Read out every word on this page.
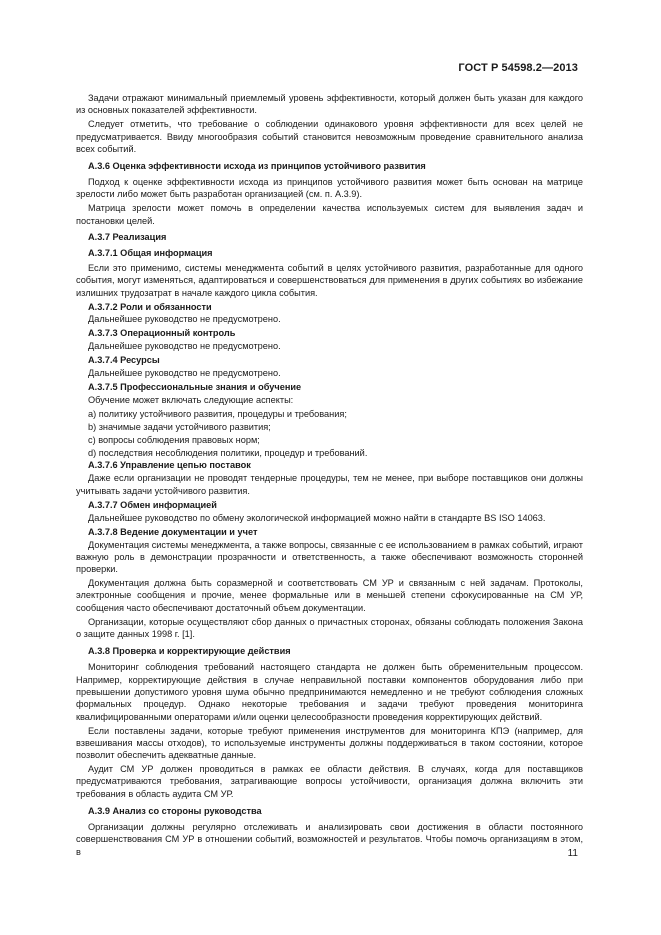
ГОСТ Р 54598.2—2013

Задачи отражают минимальный приемлемый уровень эффективности, который должен быть указан для каждого из основных показателей эффективности.

Следует отметить, что требование о соблюдении одинакового уровня эффективности для всех целей не предусматривается. Ввиду многообразия событий становится невозможным проведение сравнительного анализа всех событий.

А.3.6 Оценка эффективности исхода из принципов устойчивого развития

Подход к оценке эффективности исхода из принципов устойчивого развития может быть основан на матрице зрелости либо может быть разработан организацией (см. п. А.3.9).

Матрица зрелости может помочь в определении качества используемых систем для выявления задач и постановки целей.

А.3.7 Реализация
А.3.7.1 Общая информация

Если это применимо, системы менеджмента событий в целях устойчивого развития, разработанные для одного события, могут изменяться, адаптироваться и совершенствоваться для применения в других событиях во избежание излишних трудозатрат в начале каждого цикла события.

А.3.7.2 Роли и обязанности

Дальнейшее руководство не предусмотрено.

А.3.7.3 Операционный контроль

Дальнейшее руководство не предусмотрено.

А.3.7.4 Ресурсы

Дальнейшее руководство не предусмотрено.

А.3.7.5 Профессиональные знания и обучение

Обучение может включать следующие аспекты:

а) политику устойчивого развития, процедуры и требования;

b) значимые задачи устойчивого развития;

с) вопросы соблюдения правовых норм;

d) последствия несоблюдения политики, процедур и требований.

А.3.7.6 Управление цепью поставок

Даже если организации не проводят тендерные процедуры, тем не менее, при выборе поставщиков они должны учитывать задачи устойчивого развития.

А.3.7.7 Обмен информацией

Дальнейшее руководство по обмену экологической информацией можно найти в стандарте BS ISO 14063.

А.3.7.8 Ведение документации и учет

Документация системы менеджмента, а также вопросы, связанные с ее использованием в рамках событий, играют важную роль в демонстрации прозрачности и ответственность, а также обеспечивают возможность сторонней проверки.

Документация должна быть соразмерной и соответствовать СМ УР и связанным с ней задачам. Протоколы, электронные сообщения и прочие, менее формальные или в меньшей степени сфокусированные на СМ УР, сообщения часто обеспечивают достаточный объем документации.

Организации, которые осуществляют сбор данных о причастных сторонах, обязаны соблюдать положения Закона о защите данных 1998 г. [1].

А.3.8 Проверка и корректирующие действия

Мониторинг соблюдения требований настоящего стандарта не должен быть обременительным процессом. Например, корректирующие действия в случае неправильной поставки компонентов оборудования либо при превышении допустимого уровня шума обычно предпринимаются немедленно и не требуют соблюдения сложных формальных процедур. Однако некоторые требования и задачи требуют проведения мониторинга квалифицированными операторами и/или оценки целесообразности проведения корректирующих действий.

Если поставлены задачи, которые требуют применения инструментов для мониторинга КПЭ (например, для взвешивания массы отходов), то используемые инструменты должны поддерживаться в таком состоянии, которое позволит обеспечить адекватные данные.

Аудит СМ УР должен проводиться в рамках ее области действия. В случаях, когда для поставщиков предусматриваются требования, затрагивающие вопросы устойчивости, организация должна включить эти требования в область аудита СМ УР.

А.3.9 Анализ со стороны руководства

Организации должны регулярно отслеживать и анализировать свои достижения в области постоянного совершенствования СМ УР в отношении событий, возможностей и результатов. Чтобы помочь организациям в этом, в	11
